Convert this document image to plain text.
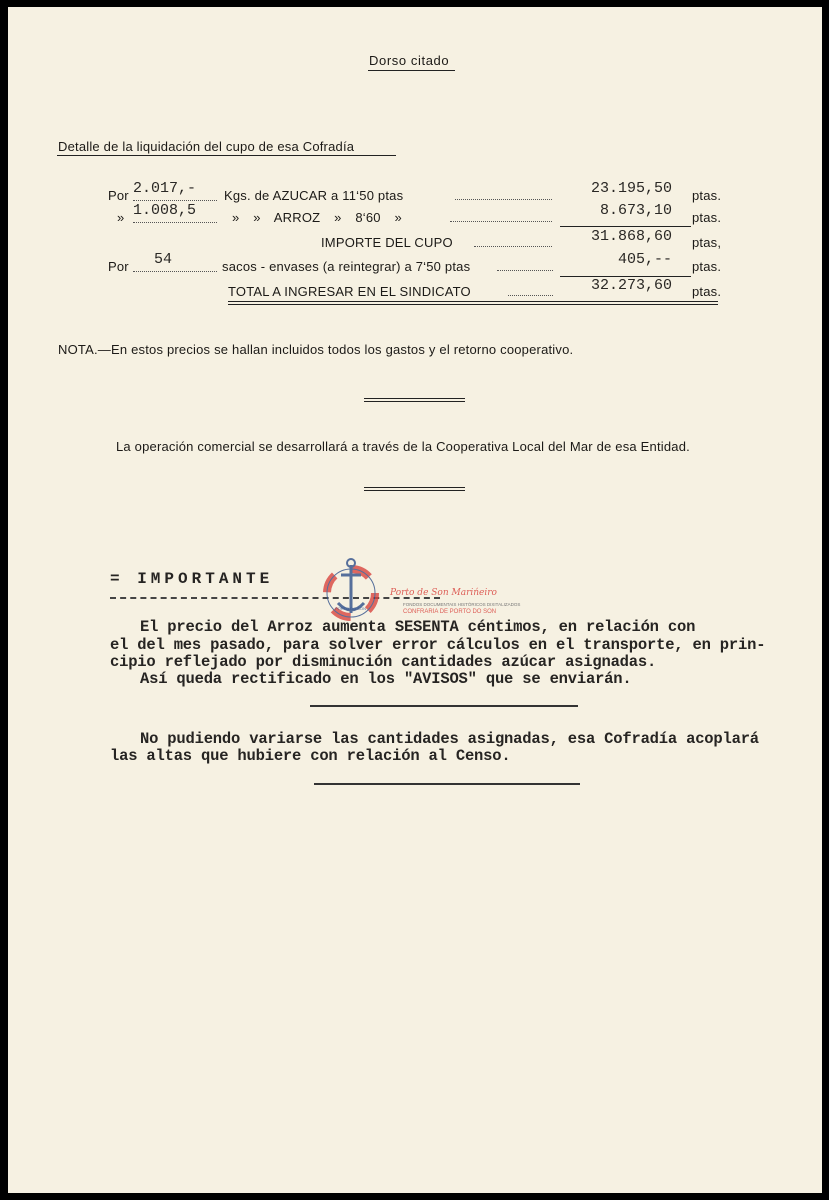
Dorso citado
Detalle de la liquidación del cupo de esa Cofradía
Por 2.017,- Kgs. de AZUCAR a 11‘50 ptas	23.195,50 ptas.
» 1.008,5	» » ARROZ » 8‘60 »	8.673,10 ptas.
IMPORTE DEL CUPO	31.868,60 ptas,
Por 54	sacos - envases (a reintegrar) a 7‘50 ptas	405,-- ptas.
TOTAL A INGRESAR EN EL SINDICATO	32.273,60 ptas.
NOTA.—En estos precios se hallan incluidos todos los gastos y el retorno cooperativo.
La operación comercial se desarrollará a través de la Cooperativa Local del Mar de esa Entidad.
= IMPORTANTE
El precio del Arroz aumenta SESENTA céntimos, en relación con
el del mes pasado, para solver error cálculos en el transporte, en prin-
cipio reflejado por disminución cantidades azúcar asignadas.
Así queda rectificado en los "AVISOS" que se enviarán.
No pudiendo variarse las cantidades asignadas, esa Cofradía acoplará
las altas que hubiere con relación al Censo.
Porto de Son Marińeiro
FONDOS DOCUMENTAIS HISTÓRICOS DIXITALIZADOS
CONFRARÍA DE PORTO DO SON
PORTO DO SON
